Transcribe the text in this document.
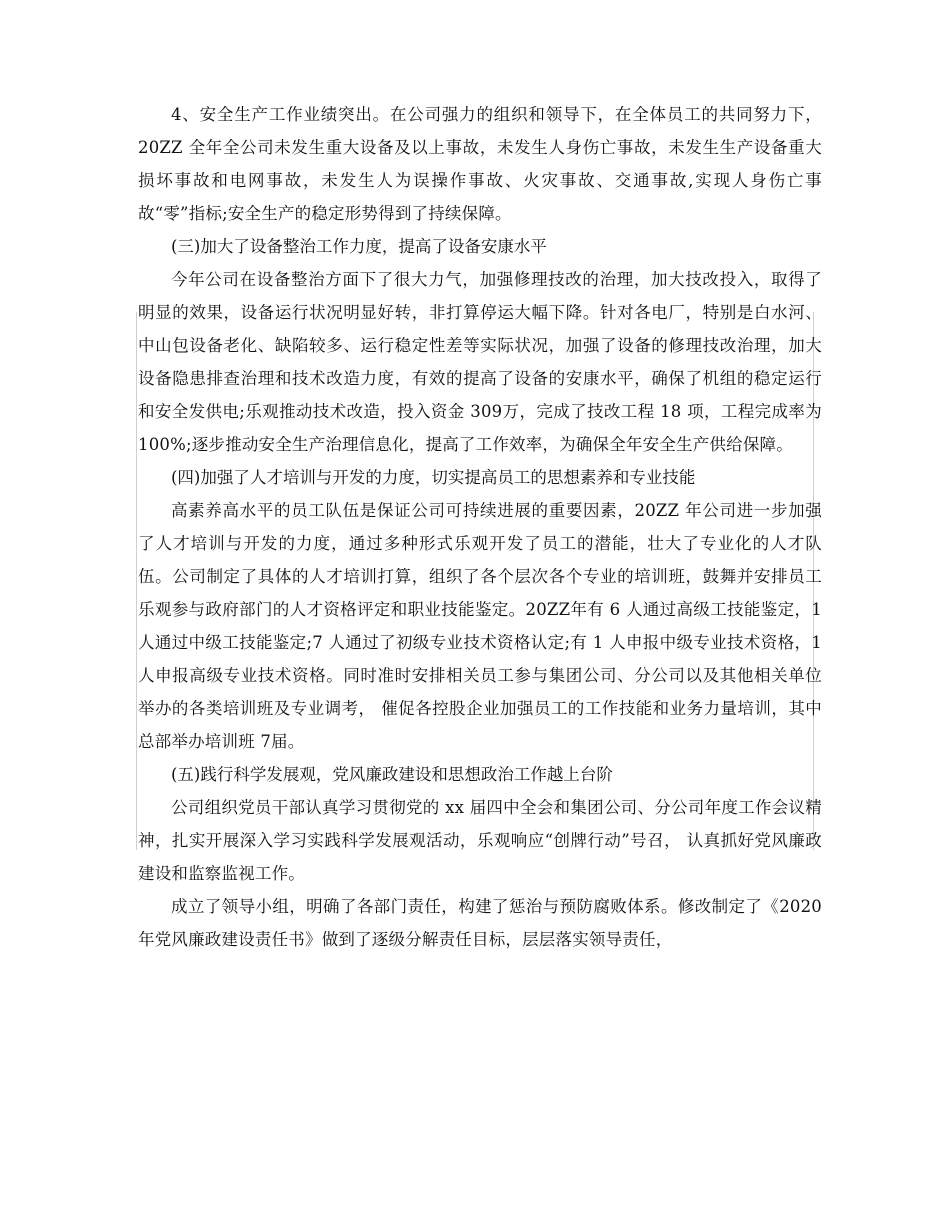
4、安全生产工作业绩突出。在公司强力的组织和领导下，在全体员工的共同努力下，20ZZ 全年全公司未发生重大设备及以上事故，未发生人身伤亡事故，未发生生产设备重大损坏事故和电网事故，未发生人为误操作事故、火灾事故、交通事故,实现人身伤亡事故“零”指标;安全生产的稳定形势得到了持续保障。

(三)加大了设备整治工作力度，提高了设备安康水平

今年公司在设备整治方面下了很大力气，加强修理技改的治理，加大技改投入，取得了明显的效果，设备运行状况明显好转，非打算停运大幅下降。针对各电厂，特别是白水河、中山包设备老化、缺陷较多、运行稳定性差等实际状况，加强了设备的修理技改治理，加大设备隐患排查治理和技术改造力度，有效的提高了设备的安康水平，确保了机组的稳定运行和安全发供电;乐观推动技术改造，投入资金 309万，完成了技改工程 18 项，工程完成率为 100%;逐步推动安全生产治理信息化，提高了工作效率，为确保全年安全生产供给保障。

(四)加强了人才培训与开发的力度，切实提高员工的思想素养和专业技能

高素养高水平的员工队伍是保证公司可持续进展的重要因素，20ZZ 年公司进一步加强了人才培训与开发的力度，通过多种形式乐观开发了员工的潜能，壮大了专业化的人才队伍。公司制定了具体的人才培训打算，组织了各个层次各个专业的培训班，鼓舞并安排员工乐观参与政府部门的人才资格评定和职业技能鉴定。20ZZ年有 6 人通过高级工技能鉴定，1 人通过中级工技能鉴定;7 人通过了初级专业技术资格认定;有 1 人申报中级专业技术资格，1 人申报高级专业技术资格。同时准时安排相关员工参与集团公司、分公司以及其他相关单位举办的各类培训班及专业调考， 催促各控股企业加强员工的工作技能和业务力量培训，其中总部举办培训班 7届。

(五)践行科学发展观，党风廉政建设和思想政治工作越上台阶

公司组织党员干部认真学习贯彻党的 xx 届四中全会和集团公司、分公司年度工作会议精神，扎实开展深入学习实践科学发展观活动，乐观响应“创牌行动”号召， 认真抓好党风廉政建设和监察监视工作。

成立了领导小组，明确了各部门责任，构建了惩治与预防腐败体系。修改制定了《2020 年党风廉政建设责任书》做到了逐级分解责任目标，层层落实领导责任，
